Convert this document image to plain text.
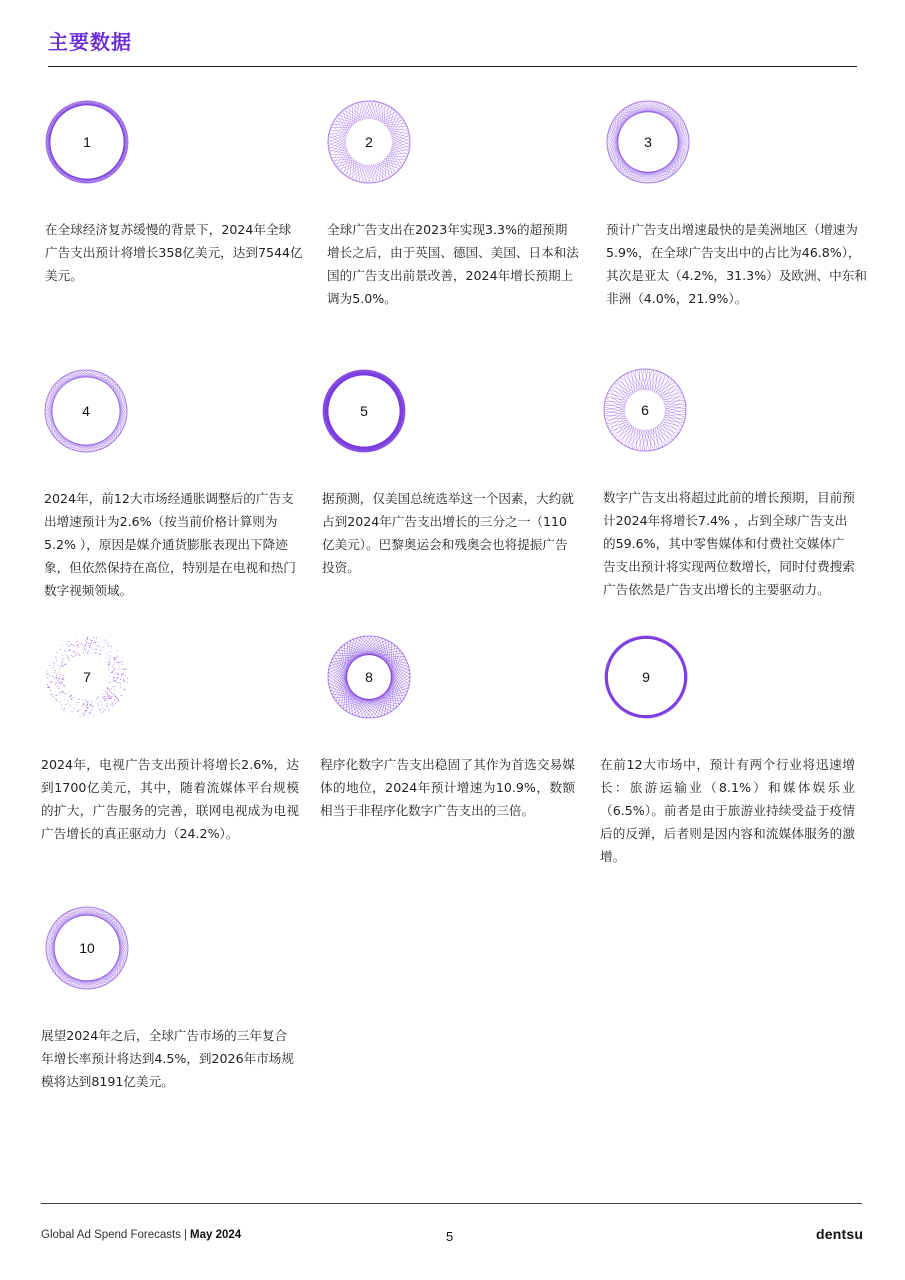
主要数据
1

在全球经济复苏缓慢的背景下，2024年全球广告支出预计将增长358亿美元，达到7544亿美元。

2

全球广告支出在2023年实现3.3%的超预期增长之后，由于英国、德国、美国、日本和法国的广告支出前景改善，2024年增长预期上调为5.0%。

3

预计广告支出增速最快的是美洲地区（增速为5.9%，在全球广告支出中的占比为46.8%），其次是亚太（4.2%，31.3%）及欧洲、中东和非洲（4.0%，21.9%）。

4

2024年，前12大市场经通胀调整后的广告支出增速预计为2.6%（按当前价格计算则为5.2% ），原因是媒介通货膨胀表现出下降迹象，但依然保持在高位，特别是在电视和热门数字视频领域。

5

据预测，仅美国总统选举这一个因素，大约就占到2024年广告支出增长的三分之一（110亿美元）。巴黎奥运会和残奥会也将提振广告投资。

6

数字广告支出将超过此前的增长预期，目前预计2024年将增长7.4% ，占到全球广告支出的59.6%，其中零售媒体和付费社交媒体广告支出预计将实现两位数增长，同时付费搜索广告依然是广告支出增长的主要驱动力。

7

2024年，电视广告支出预计将增长2.6%，达到1700亿美元，其中，随着流媒体平台规模的扩大，广告服务的完善，联网电视成为电视广告增长的真正驱动力（24.2%）。

8

程序化数字广告支出稳固了其作为首选交易媒体的地位，2024年预计增速为10.9%，数额相当于非程序化数字广告支出的三倍。

9

在前12大市场中，预计有两个行业将迅速增长：旅游运输业（8.1%）和媒体娱乐业（6.5%）。前者是由于旅游业持续受益于疫情后的反弹，后者则是因内容和流媒体服务的激增。

10

展望2024年之后，全球广告市场的三年复合年增长率预计将达到4.5%，到2026年市场规模将达到8191亿美元。

Global Ad Spend Forecasts | May 2024	5	dentsu
